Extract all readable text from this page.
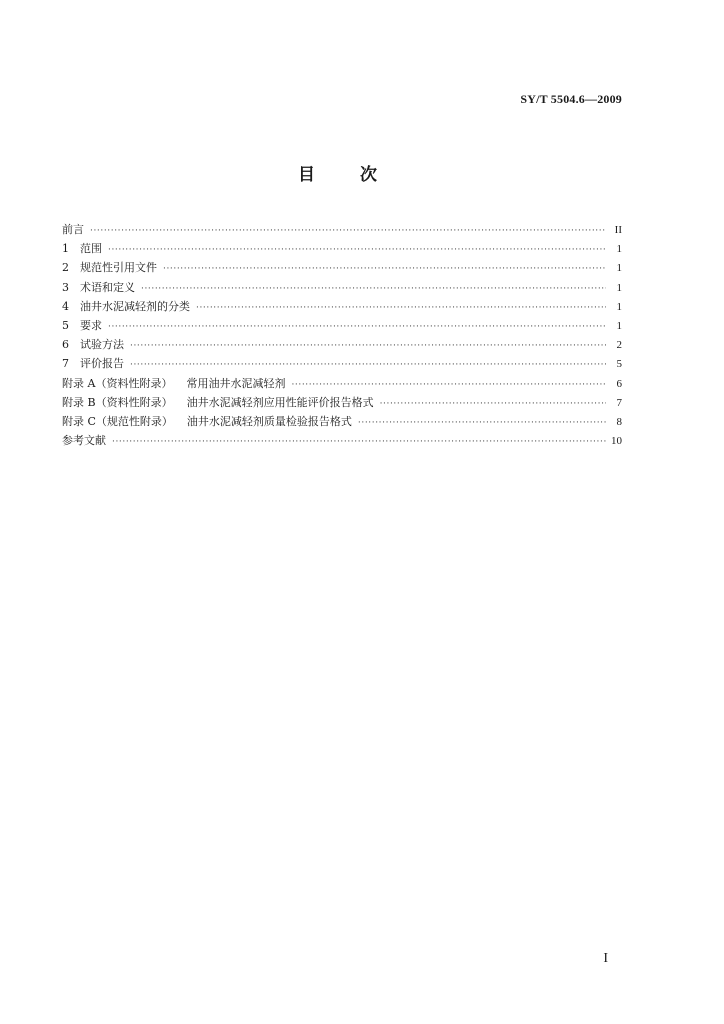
SY/T 5504.6—2009
目	次
前言 ·····	II
1	范围 ·····	1
2	规范性引用文件 ·····	1
3	术语和定义 ·····	1
4	油井水泥减轻剂的分类 ·····	1
5	要求 ·····	1
6	试验方法 ·····	2
7	评价报告 ·····	5
附录 A（资料性附录） 常用油井水泥减轻剂 ·····	6
附录 B（资料性附录） 油井水泥减轻剂应用性能评价报告格式 ·····	7
附录 C（规范性附录） 油井水泥减轻剂质量检验报告格式 ·····	8
参考文献 ·····	10
I
